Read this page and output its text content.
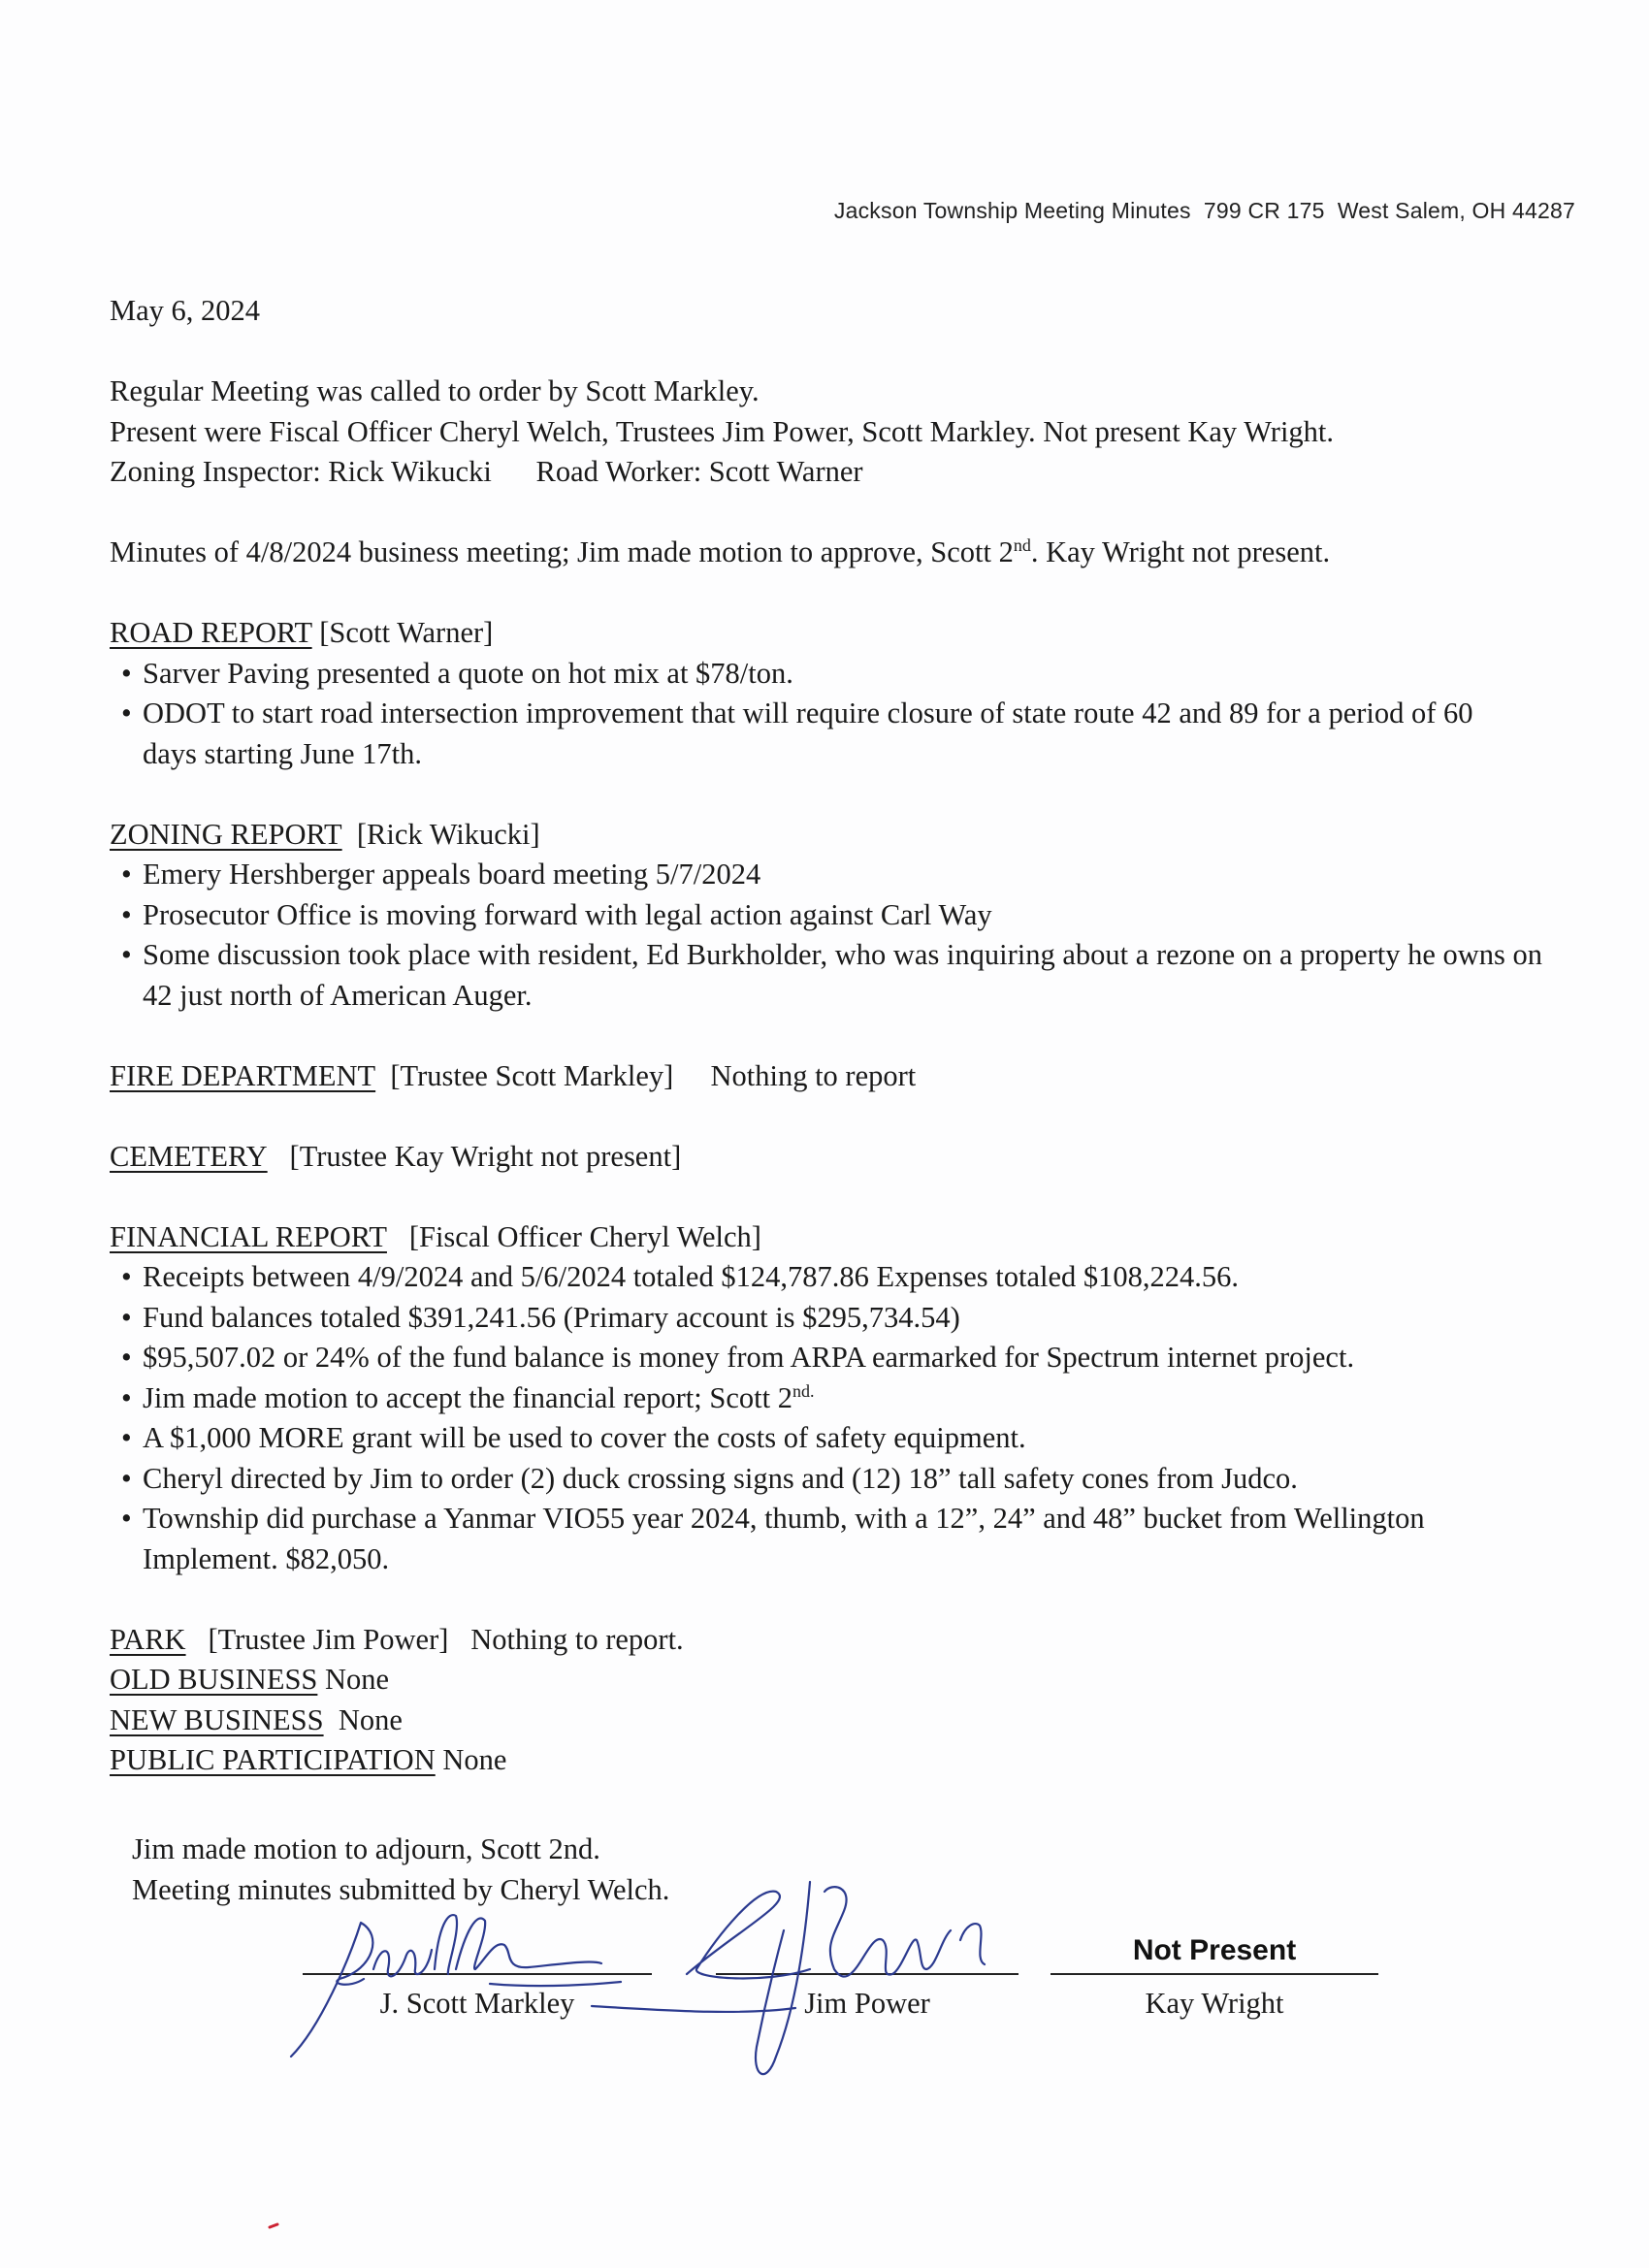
Jackson Township Meeting Minutes 799 CR 175 West Salem, OH 44287
May 6, 2024
Regular Meeting was called to order by Scott Markley.
Present were Fiscal Officer Cheryl Welch, Trustees Jim Power, Scott Markley. Not present Kay Wright.
Zoning Inspector: Rick Wikucki Road Worker: Scott Warner
Minutes of 4/8/2024 business meeting; Jim made motion to approve, Scott 2nd. Kay Wright not present.
ROAD REPORT [Scott Warner]
• Sarver Paving presented a quote on hot mix at $78/ton.
• ODOT to start road intersection improvement that will require closure of state route 42 and 89 for a period of 60 days starting June 17th.
ZONING REPORT [Rick Wikucki]
• Emery Hershberger appeals board meeting 5/7/2024
• Prosecutor Office is moving forward with legal action against Carl Way
• Some discussion took place with resident, Ed Burkholder, who was inquiring about a rezone on a property he owns on 42 just north of American Auger.
FIRE DEPARTMENT [Trustee Scott Markley] Nothing to report
CEMETERY [Trustee Kay Wright not present]
FINANCIAL REPORT [Fiscal Officer Cheryl Welch]
• Receipts between 4/9/2024 and 5/6/2024 totaled $124,787.86 Expenses totaled $108,224.56.
• Fund balances totaled $391,241.56 (Primary account is $295,734.54)
• $95,507.02 or 24% of the fund balance is money from ARPA earmarked for Spectrum internet project.
• Jim made motion to accept the financial report; Scott $2^{nd.}$
• A $1,000 MORE grant will be used to cover the costs of safety equipment.
• Cheryl directed by Jim to order (2) duck crossing signs and (12) 18” tall safety cones from Judco.
• Township did purchase a Yanmar VIO55 year 2024, thumb, with a 12”, 24” and 48” bucket from Wellington Implement. $82,050.
PARK [Trustee Jim Power] Nothing to report.
OLD BUSINESS None
NEW BUSINESS None
PUBLIC PARTICIPATION None
Jim made motion to adjourn, Scott 2nd.
Meeting minutes submitted by Cheryl Welch.
Not Present
J. Scott Markley	Jim Power	Kay Wright
